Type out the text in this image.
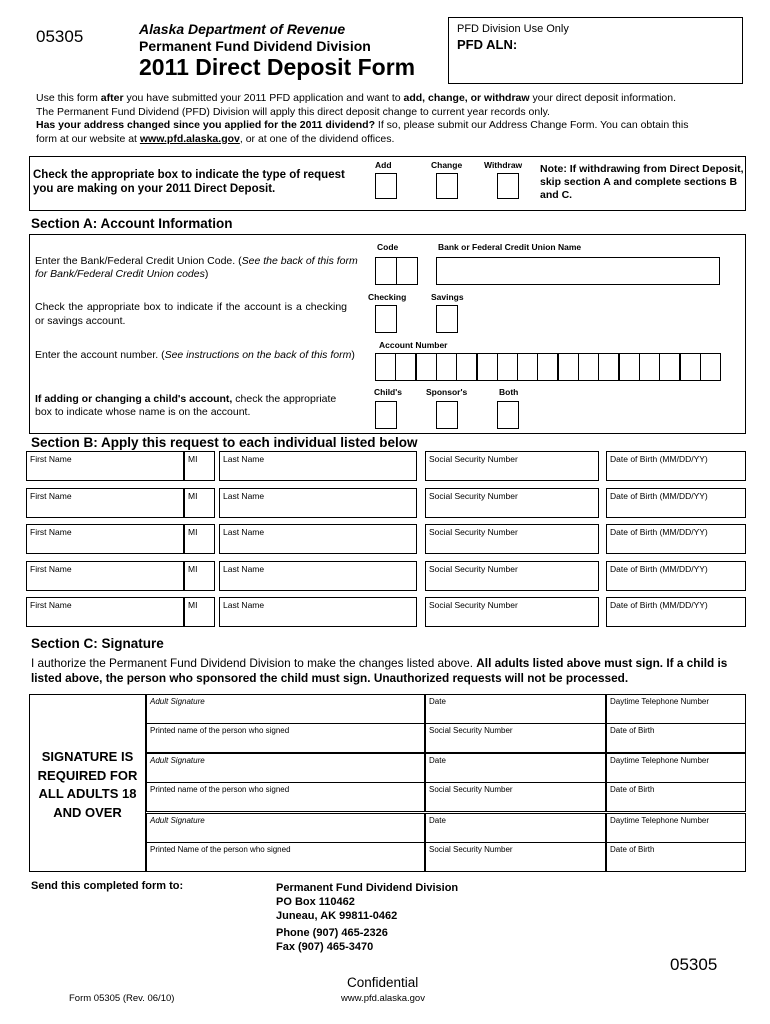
05305	Alaska Department of Revenue
Permanent Fund Dividend Division
2011 Direct Deposit Form
PFD Division Use Only
PFD ALN:
Use this form after you have submitted your 2011 PFD application and want to add, change, or withdraw your direct deposit information.
The Permanent Fund Dividend (PFD) Division will apply this direct deposit change to current year records only.
Has your address changed since you applied for the 2011 dividend? If so, please submit our Address Change Form. You can obtain this
form at our website at www.pfd.alaska.gov, or at one of the dividend offices.
Check the appropriate box to indicate the type of request you are making on your 2011 Direct Deposit.
Add	Change	Withdraw Note: If withdrawing from Direct Deposit, skip section A and complete sections B and C.
Section A: Account Information
Code	Bank or Federal Credit Union Name
Enter the Bank/Federal Credit Union Code. (See the back of this form for Bank/Federal Credit Union codes)
Checking	Savings
Check the appropriate box to indicate if the account is a checking or savings account.
Account Number
Enter the account number. (See instructions on the back of this form)
Child's	Sponsor's	Both
If adding or changing a child's account, check the appropriate box to indicate whose name is on the account.
Section B: Apply this request to each individual listed below
First Name	MI	Last Name	Social Security Number	Date of Birth (MM/DD/YY)
First Name	MI	Last Name	Social Security Number	Date of Birth (MM/DD/YY)
First Name	MI	Last Name	Social Security Number	Date of Birth (MM/DD/YY)
First Name	MI	Last Name	Social Security Number	Date of Birth (MM/DD/YY)
First Name	MI	Last Name	Social Security Number	Date of Birth (MM/DD/YY)
Section C: Signature
I authorize the Permanent Fund Dividend Division to make the changes listed above. All adults listed above must sign. If a child is listed above, the person who sponsored the child must sign. Unauthorized requests will not be processed.
SIGNATURE IS REQUIRED FOR ALL ADULTS 18 AND OVER
Adult Signature	Date	Daytime Telephone Number
Printed name of the person who signed	Social Security Number	Date of Birth
Adult Signature	Date	Daytime Telephone Number
Printed name of the person who signed	Social Security Number	Date of Birth
Adult Signature	Date	Daytime Telephone Number
Printed Name of the person who signed	Social Security Number	Date of Birth
Send this completed form to:	Permanent Fund Dividend Division
PO Box 110462
Juneau, AK 99811-0462
Phone (907) 465-2326
Fax (907) 465-3470
05305
Confidential
Form 05305 (Rev. 06/10)	www.pfd.alaska.gov
